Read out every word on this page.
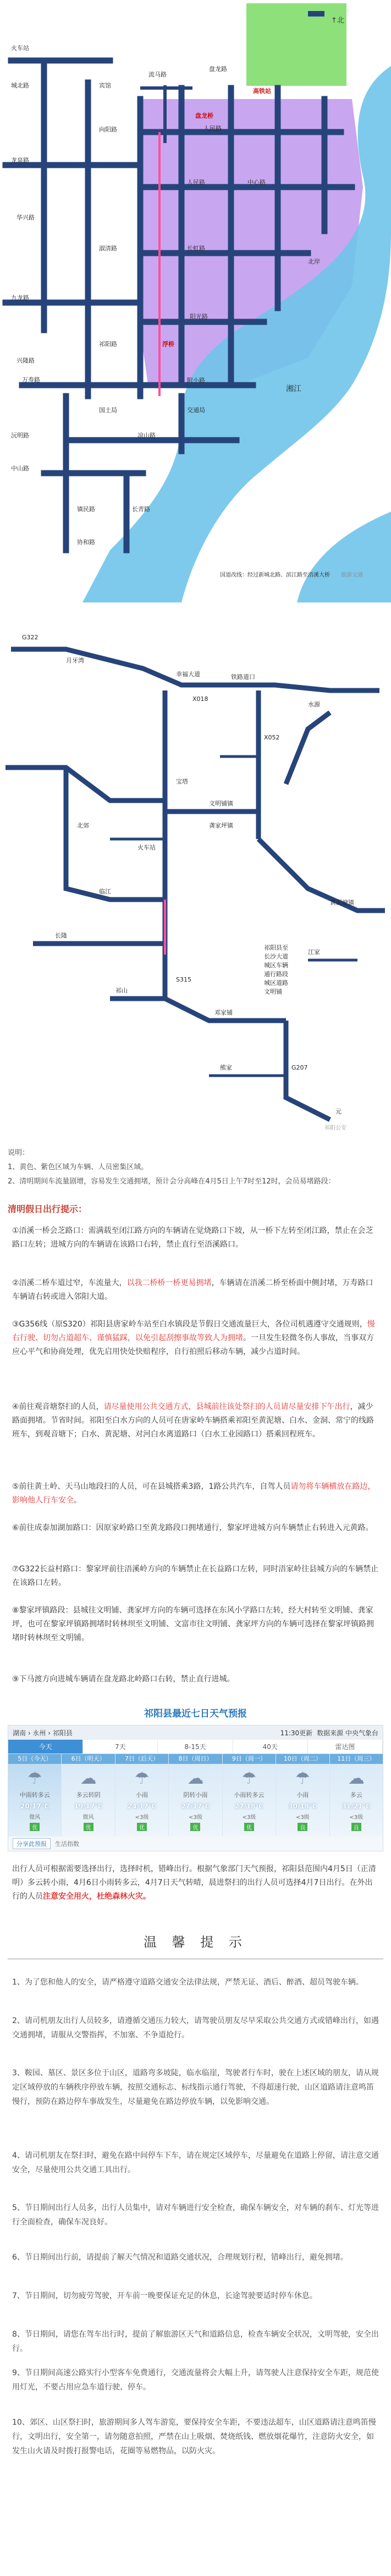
↑北
火车站
宾馆
城北路
流马路
高铁站
盘龙路
盘龙桥
人民路
向阳路
人民路	中心路
龙泉路
华兴路
长虹路
淑清路
九龙路
阳光路
浮桥
祁阳路
兴隆路
万寿路	附小路
国土局	交通局
湘江
北岸
沅明路	凉山路
中山路
镇民路	长青路
协和路
国道改线：经过新城北路、滨江路至浯溪大桥 旅游交通
G322
月牙湾
幸福大道	铁路道口
X018
X052
水源
黄泥塘镇
火车站
北郊
宝塔
文明铺镇
龚家坪镇
临江
长隆
邓家铺
江家
S315
G207
祁山
熊家
元
祁阳县至
长沙大道
城区车辆
通行路段
城区道路
文明铺
祁阳公安

说明：

1、黄色、紫色区域为车辆、人员密集区域。

2、清明期间车流量剧增，容易发生交通拥堵，预计会分高峰在4月5日上午7时至12时，会员易堵路段：

清明假日出行提示：
①浯溪一桥会芝路口：需满载至闭江路方向的车辆请在觉烧路口下坡，从一桥下左转至闭江路，禁止在会芝路口左转；进城方向的车辆请在该路口右转，禁止直行至浯溪路口。
②浯溪二桥车道过窄，车流量大，以我二桥桥一桥更易拥堵，车辆请在浯溪二桥至桥面中侧封堵，万寿路口车辆请右转或进入邻阳大道。
③G356线（原S320）祁阳县唐家岭车站至白水镇段是节假日交通流量巨大，各位司机遇遵守交通规则，慢右行驶、切勿占道超车、谨慎猛踩，以免引起刮擦事故等致人为拥堵。一旦发生轻微冬伤人事故，当事双方应心平气和协商处理，优先启用快处快赔程序，自行拍照后移动车辆，减少占道时间。
④前往观音塘祭扫的人员，请尽量使用公共交通方式，县城前往该处祭扫的人员请尽量安排下午出行，减少路面拥堵。节省时间。祁阳至白水方向的人员可在唐家岭车辆搭乘祁阳至黄泥塘、白水、金洞、常宁的线路班车，到观音塘下；白水、黄泥塘、对河白水离道路口（白水工业园路口）搭乘回程班车。
⑤前往黄土岭、天马山地段扫的人员，可在县城搭乘3路，1路公共汽车，自驾人员请勿将车辆横放在路边，影响他人行车安全。
⑥前往成泰加湖加路口：因原家岭路口至黄龙路段口拥堵通行，黎家坪进城方向车辆禁止右转进入元黄路。
⑦G322长益村路口：黎家坪前往浯溪岭方向的车辆禁止在长益路口左转，同时浯家岭往县城方向的车辆禁止在该路口左转。
⑧黎家坪镇路段：县城往文明铺、龚家坪方向的车辆可选择在东风小学路口左转，经大村转至文明铺、龚家坪，也可在黎家坪镇路拥堵时转林坝至文明铺、文富市往文明铺、龚家坪方向的车辆可选择在黎家坪镇路拥堵时转林坝至文明铺。
⑨下马渡方向进城车辆请在盘龙路北岭路口右转，禁止直行进城。
祁阳县最近七日天气预报
湖南 › 永州 › 祁阳县	11:30更新 数据来源 中央气象台
今天	7天	8-15天	40天	雷达图
5日（今天）
☂
中雨转多云
20/17℃
微风
优
6日（明天）
☁
多云转阴
19/17℃
微风
优
7日（后天）
☂
小雨
24/17℃
<3级
优
8日（周日）
☁
阴转小雨
27/17℃
<3级
优
9日（周一）
☂
小雨转多云
27/18℃
<3级
优
10日（周二）
☂
小雨
30/18℃
<3级
良
11日（周三）
☁
多云
31/21℃
<3级
良
分享此预报	生活指数
出行人员可根据需要选择出行，选择时机，错峰出行。根据气象部门天气预报，祁阳县范围内4月5日（正清明）多云转小雨，4月6日小雨转多云，4月7日天气转晴，晨进祭扫的出行人员可选择4月7日出行。在外出行的人员注意安全用火，杜绝森林火灾。
温 馨 提 示
1、为了您和他人的安全，请严格遵守道路交通安全法律法规，严禁无证、酒后、醉酒、超员驾驶车辆。
2、请司机朋友出行人员较多，请遵循交通压力较大，请驾驶员朋友尽早采取公共交通方式或错峰出行，如遇交通拥堵，请服从交警指挥，不加塞、不争道抢行。
3、鞍园、墓区、景区多位于山区，道路弯多坡陡，临水临崖，驾驶者行车时，驶在上述区域的朋友，请从规定区域停放的车辆秩序停放车辆，按照交通标志、标线指示通行驾驶，不得超速行驶，山区道路请注意鸣笛慢行，预防在路边停车事故发生，尽量避免在路边停放车辆，以免影响交通。
4、请司机朋友在祭扫时，避免在路中间停车下车，请在规定区域停车，尽量避免在道路上停留，请注意交通安全，尽量使用公共交通工具出行。
5、节日期间出行人员多，出行人员集中，请对车辆进行安全检查，确保车辆安全，对车辆的刹车、灯光等进行全面检查，确保车况良好。
6、节日期间出行前，请提前了解天气情况和道路交通状况，合理规划行程，错峰出行，避免拥堵。
7、节日期间，切勿疲劳驾驶，开车前一晚要保证充足的休息，长途驾驶要适时停车休息。
8、节日期间，请您在驾车出行时，提前了解旅游区天气和道路信息，检查车辆安全状况，文明驾驶，安全出行。
9、节日期间高速公路实行小型客车免费通行，交通流量将会大幅上升，请驾驶人注意保持安全车距，规范使用灯光，不要占用应急车道行驶、停车。
10、郊区、山区祭扫时，旅游期间多人驾车游览，要保持安全车距，不要违法超车，山区道路请注意鸣笛慢行，文明出行，安全第一，请勿随意拍照，严禁在山上吸烟、焚烧纸钱、燃放烟花爆竹，注意防火安全，如发生山火请及时拨打报警电话，花圈等易燃物品，以防火灾。
